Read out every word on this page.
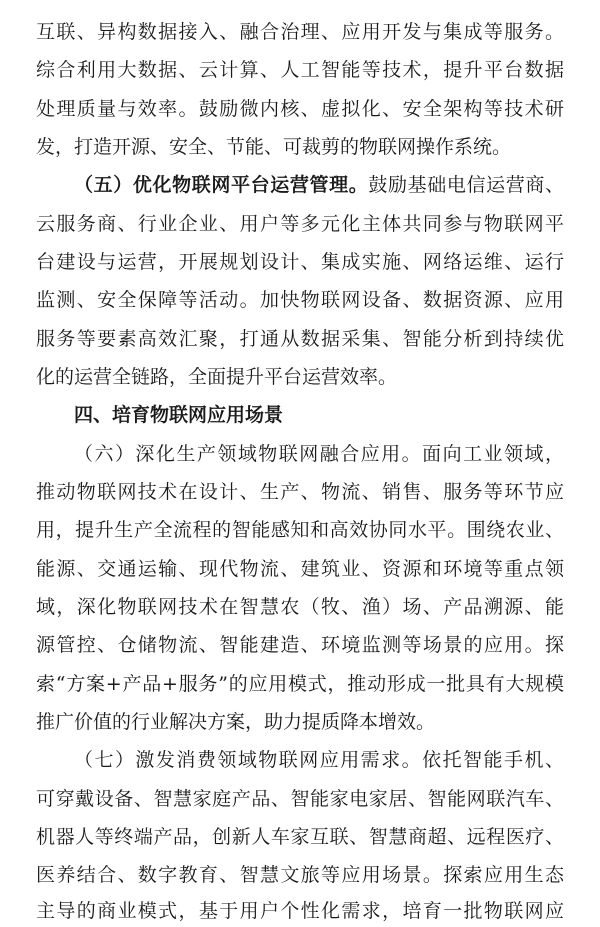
互联、异构数据接入、融合治理、应用开发与集成等服务。
综合利用大数据、云计算、人工智能等技术，提升平台数据
处理质量与效率。鼓励微内核、虚拟化、安全架构等技术研
发，打造开源、安全、节能、可裁剪的物联网操作系统。
（五）优化物联网平台运营管理。鼓励基础电信运营商、
云服务商、行业企业、用户等多元化主体共同参与物联网平
台建设与运营，开展规划设计、集成实施、网络运维、运行
监测、安全保障等活动。加快物联网设备、数据资源、应用
服务等要素高效汇聚，打通从数据采集、智能分析到持续优
化的运营全链路，全面提升平台运营效率。
四、培育物联网应用场景
（六）深化生产领域物联网融合应用。面向工业领域，
推动物联网技术在设计、生产、物流、销售、服务等环节应
用，提升生产全流程的智能感知和高效协同水平。围绕农业、
能源、交通运输、现代物流、建筑业、资源和环境等重点领
域，深化物联网技术在智慧农（牧、渔）场、产品溯源、能
源管控、仓储物流、智能建造、环境监测等场景的应用。探
索“方案+产品+服务”的应用模式，推动形成一批具有大规模
推广价值的行业解决方案，助力提质降本增效。
（七）激发消费领域物联网应用需求。依托智能手机、
可穿戴设备、智慧家庭产品、智能家电家居、智能网联汽车、
机器人等终端产品，创新人车家互联、智慧商超、远程医疗、
医养结合、数字教育、智慧文旅等应用场景。探索应用生态
主导的商业模式，基于用户个性化需求，培育一批物联网应
